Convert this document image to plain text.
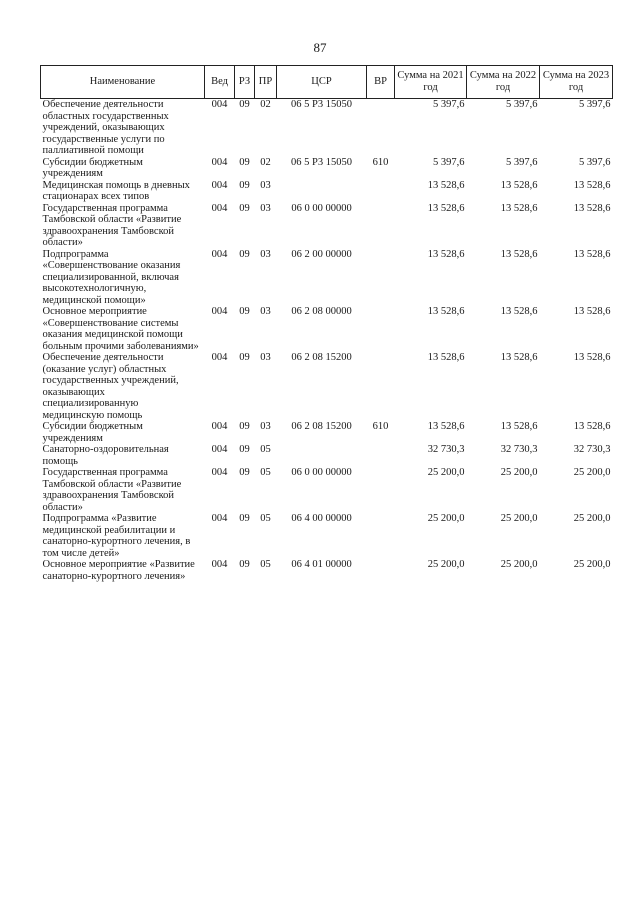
87
Наименование	Вед	РЗ	ПР	ЦСР	ВР	Сумма на 2021 год	Сумма на 2022 год	Сумма на 2023 год
Обеспечение деятельности областных государственных учреждений, оказывающих государственные услуги по паллиативной помощи	004	09	02	06 5 Р3 15050		5 397,6	5 397,6	5 397,6
Субсидии бюджетным учреждениям	004	09	02	06 5 Р3 15050	610	5 397,6	5 397,6	5 397,6
Медицинская помощь в дневных стационарах всех типов	004	09	03			13 528,6	13 528,6	13 528,6
Государственная программа Тамбовской области «Развитие здравоохранения Тамбовской области»	004	09	03	06 0 00 00000		13 528,6	13 528,6	13 528,6
Подпрограмма «Совершенствование оказания специализированной, включая высокотехнологичную, медицинской помощи»	004	09	03	06 2 00 00000		13 528,6	13 528,6	13 528,6
Основное мероприятие «Совершенствование системы оказания медицинской помощи больным прочими заболеваниями»	004	09	03	06 2 08 00000		13 528,6	13 528,6	13 528,6
Обеспечение деятельности (оказание услуг) областных государственных учреждений, оказывающих специализированную медицинскую помощь	004	09	03	06 2 08 15200		13 528,6	13 528,6	13 528,6
Субсидии бюджетным учреждениям	004	09	03	06 2 08 15200	610	13 528,6	13 528,6	13 528,6
Санаторно-оздоровительная помощь	004	09	05			32 730,3	32 730,3	32 730,3
Государственная программа Тамбовской области «Развитие здравоохранения Тамбовской области»	004	09	05	06 0 00 00000		25 200,0	25 200,0	25 200,0
Подпрограмма «Развитие медицинской реабилитации и санаторно-курортного лечения, в том числе детей»	004	09	05	06 4 00 00000		25 200,0	25 200,0	25 200,0
Основное мероприятие «Развитие санаторно-курортного лечения»	004	09	05	06 4 01 00000		25 200,0	25 200,0	25 200,0
